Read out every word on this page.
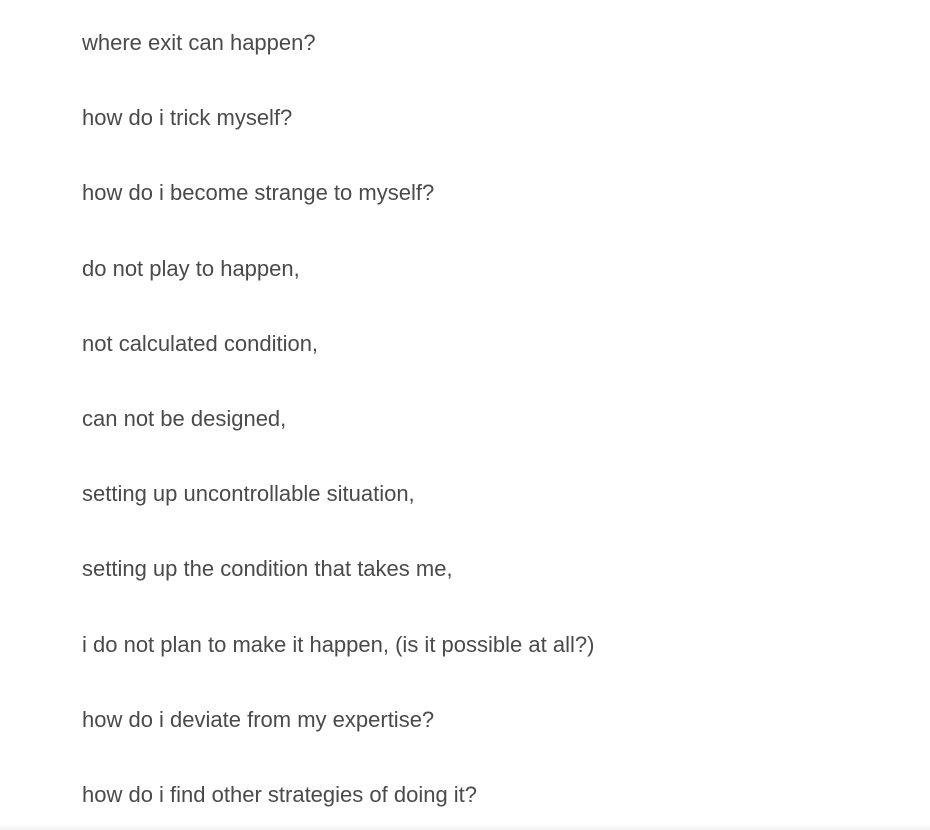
where exit can happen?
how do i trick myself?
how do i become strange to myself?
do not play to happen,
not calculated condition,
can not be designed,
setting up uncontrollable situation,
setting up the condition that takes me,
i do not plan to make it happen, (is it possible at all?)
how do i deviate from my expertise?
how do i find other strategies of doing it?
